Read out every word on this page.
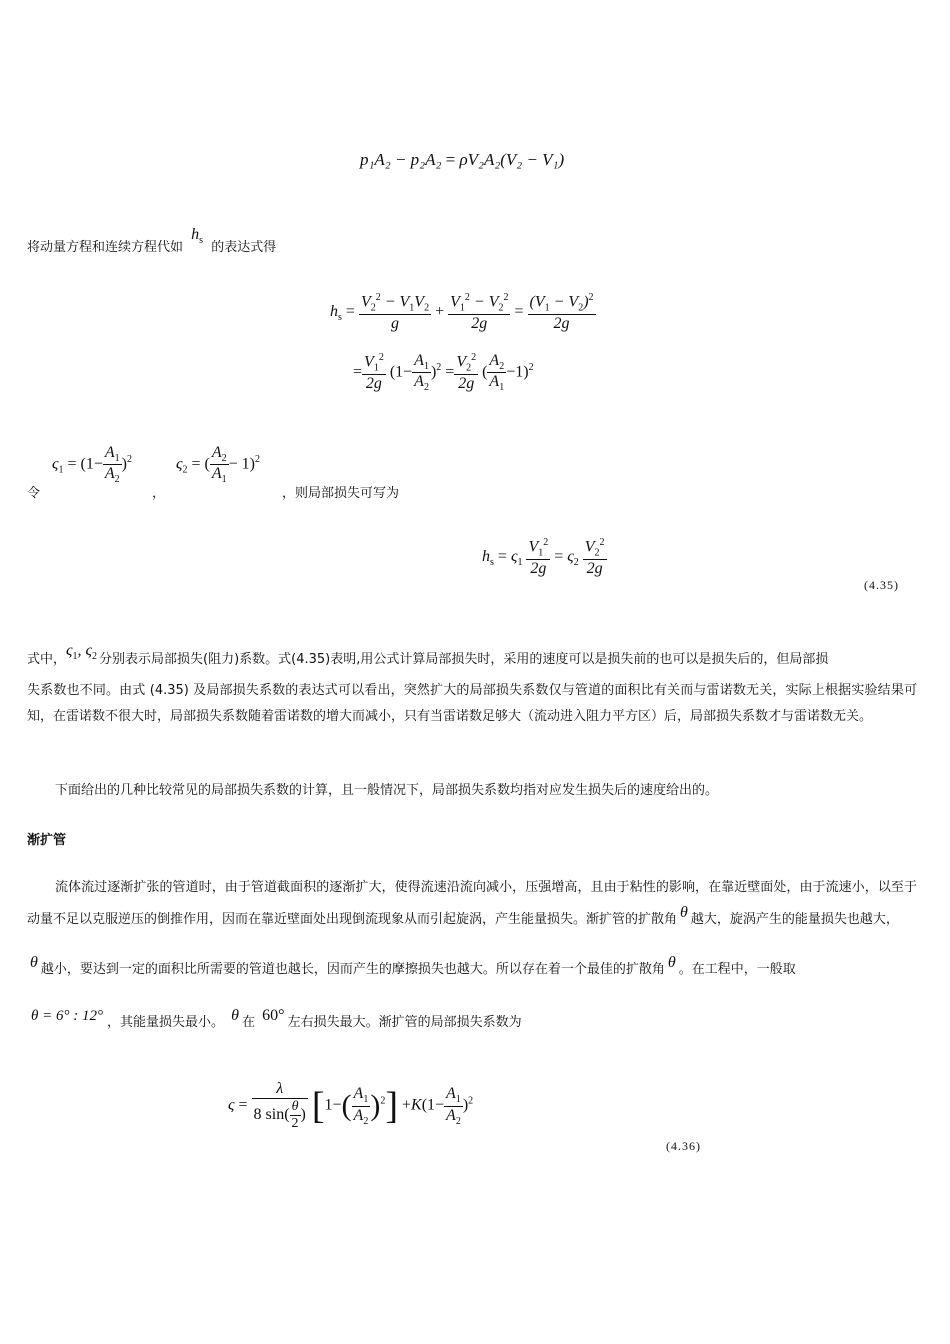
p₁A₂ − p₂A₂ = ρV₂A₂(V₂ − V₁)
将动量方程和连续方程代如 $h_s$ 的表达式得
$h_s = \frac{V_2^2 - V_1V_2}{g} + \frac{V_1^2 - V_2^2}{2g} = \frac{(V_1 - V_2)^2}{2g}$
= $\frac{V_1^2}{2g} (1- \frac{A_1}{A_2} )^2 = \frac{V_2^2}{2g}$ ( $\frac{A_2}{A_1} -1)^2$
令
$\varsigma_1 = (1- \frac{A_1}{A_2} )^2$
，
$\varsigma_2$ = ( $\frac{A_2}{A_1} - 1)^2$
，则局部损失可写为
$h_s = \varsigma_1 \frac{V_1^2}{2g} = \varsigma_2 \frac{V_2^2}{2g}$
(4.35)
式中，$\varsigma_1$, $\varsigma_2$ 分别表示局部损失(阻力)系数。式(4.35)表明,用公式计算局部损失时，采用的速度可以是损失前的也可以是损失后的，但局部损
失系数也不同。由式 (4.35) 及局部损失系数的表达式可以看出，突然扩大的局部损失系数仅与管道的面积比有关而与雷诺数无关，实际上根据实验结果可知，在雷诺数不很大时，局部损失系数随着雷诺数的增大而减小，只有当雷诺数足够大（流动进入阻力平方区）后，局部损失系数才与雷诺数无关。
下面给出的几种比较常见的局部损失系数的计算，且一般情况下，局部损失系数均指对应发生损失后的速度给出的。
渐扩管
流体流过逐渐扩张的管道时，由于管道截面积的逐渐扩大，使得流速沿流向减小，压强增高，且由于粘性的影响，在靠近壁面处，由于流速小，以至于动量不足以克服逆压的倒推作用，因而在靠近壁面处出现倒流现象从而引起旋涡，产生能量损失。渐扩管的扩散角 θ 越大，旋涡产生的能量损失也越大，

θ 越小，要达到一定的面积比所需要的管道也越长，因而产生的摩擦损失也越大。所以存在着一个最佳的扩散角 θ 。在工程中，一般取
θ = 6° : 12° ，其能量损失最小。 θ 在 60° 左右损失最大。渐扩管的局部损失系数为
$\varsigma = \frac{\lambda}{8 \sin( \frac{\theta}{2} )} [1-( \frac{A_1}{A_2} )^2] +K(1- \frac{A_1}{A_2} )^2$
(4.36)
